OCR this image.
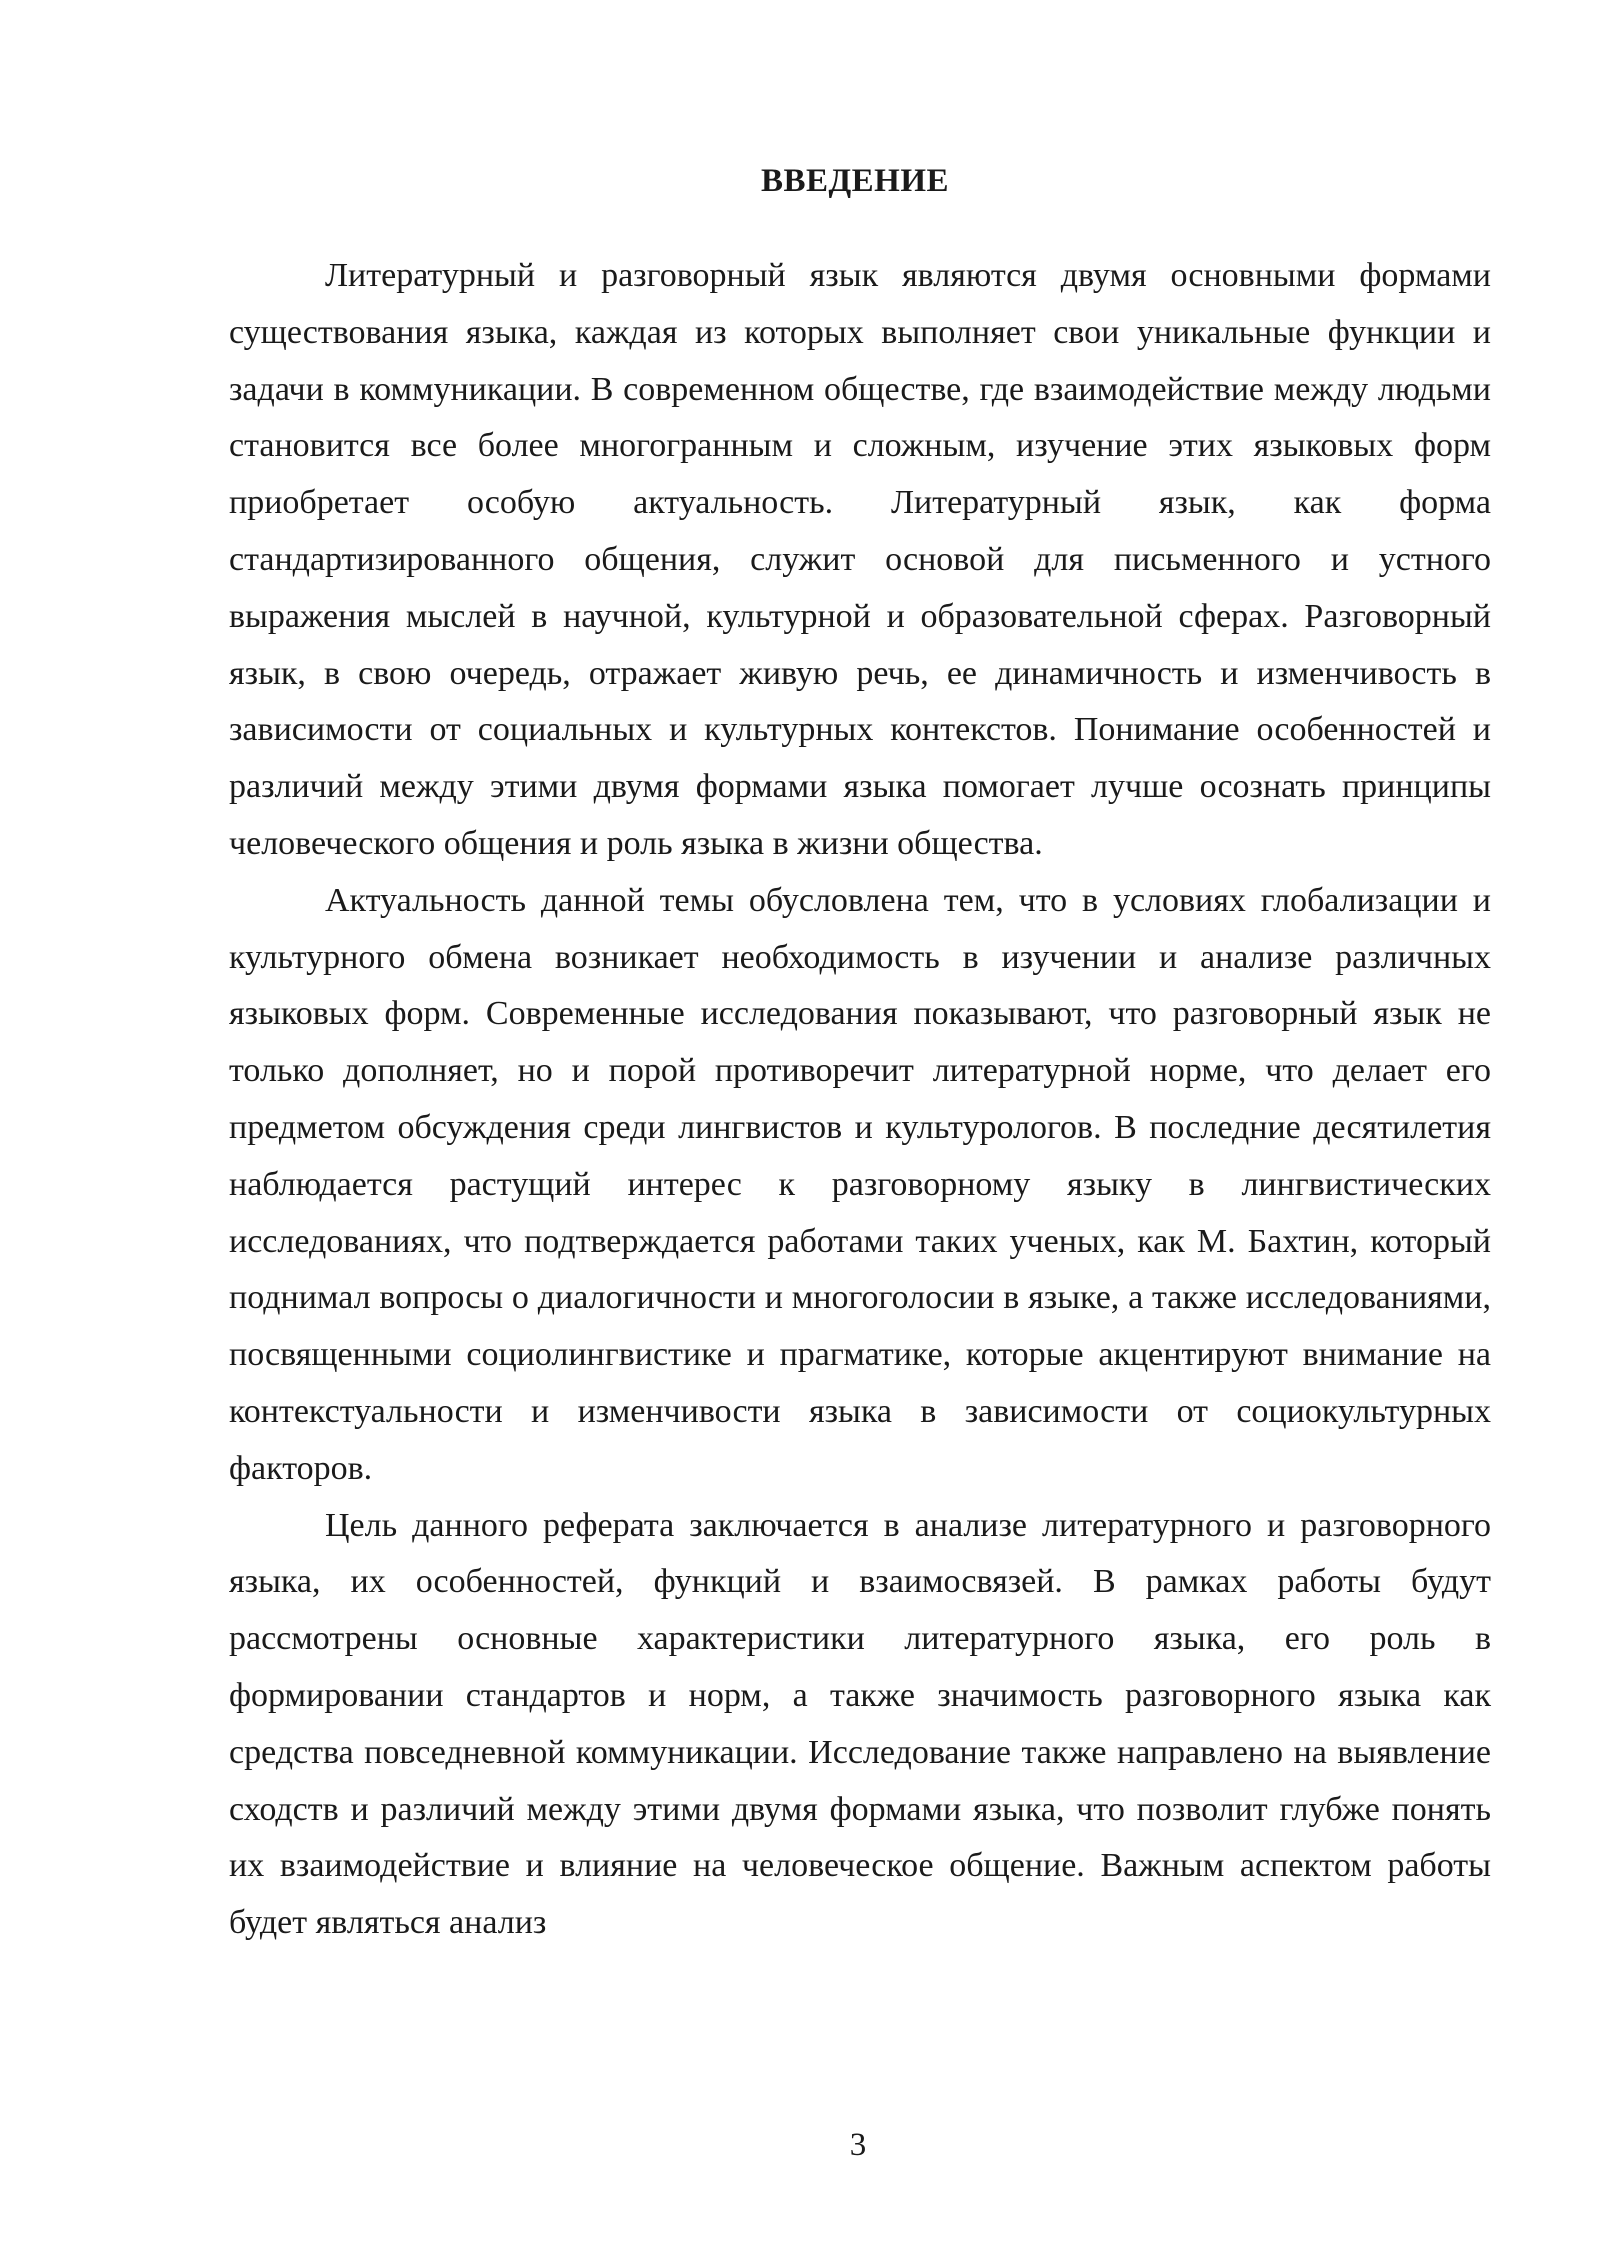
ВВЕДЕНИЕ

Литературный и разговорный язык являются двумя основными формами существования языка, каждая из которых выполняет свои уникальные функции и задачи в коммуникации. В современном обществе, где взаимодействие между людьми становится все более многогранным и сложным, изучение этих языковых форм приобретает особую актуальность. Литературный язык, как форма стандартизированного общения, служит основой для письменного и устного выражения мыслей в научной, культурной и образовательной сферах. Разговорный язык, в свою очередь, отражает живую речь, ее динамичность и изменчивость в зависимости от социальных и культурных контекстов. Понимание особенностей и различий между этими двумя формами языка помогает лучше осознать принципы человеческого общения и роль языка в жизни общества.

Актуальность данной темы обусловлена тем, что в условиях глобализации и культурного обмена возникает необходимость в изучении и анализе различных языковых форм. Современные исследования показывают, что разговорный язык не только дополняет, но и порой противоречит литературной норме, что делает его предметом обсуждения среди лингвистов и культурологов. В последние десятилетия наблюдается растущий интерес к разговорному языку в лингвистических исследованиях, что подтверждается работами таких ученых, как М. Бахтин, который поднимал вопросы о диалогичности и многоголосии в языке, а также исследованиями, посвященными социолингвистике и прагматике, которые акцентируют внимание на контекстуальности и изменчивости языка в зависимости от социокультурных факторов.

Цель данного реферата заключается в анализе литературного и разговорного языка, их особенностей, функций и взаимосвязей. В рамках работы будут рассмотрены основные характеристики литературного языка, его роль в формировании стандартов и норм, а также значимость разговорного языка как средства повседневной коммуникации. Исследование также направлено на выявление сходств и различий между этими двумя формами языка, что позволит глубже понять их взаимодействие и влияние на человеческое общение. Важным аспектом работы будет являться анализ

3
